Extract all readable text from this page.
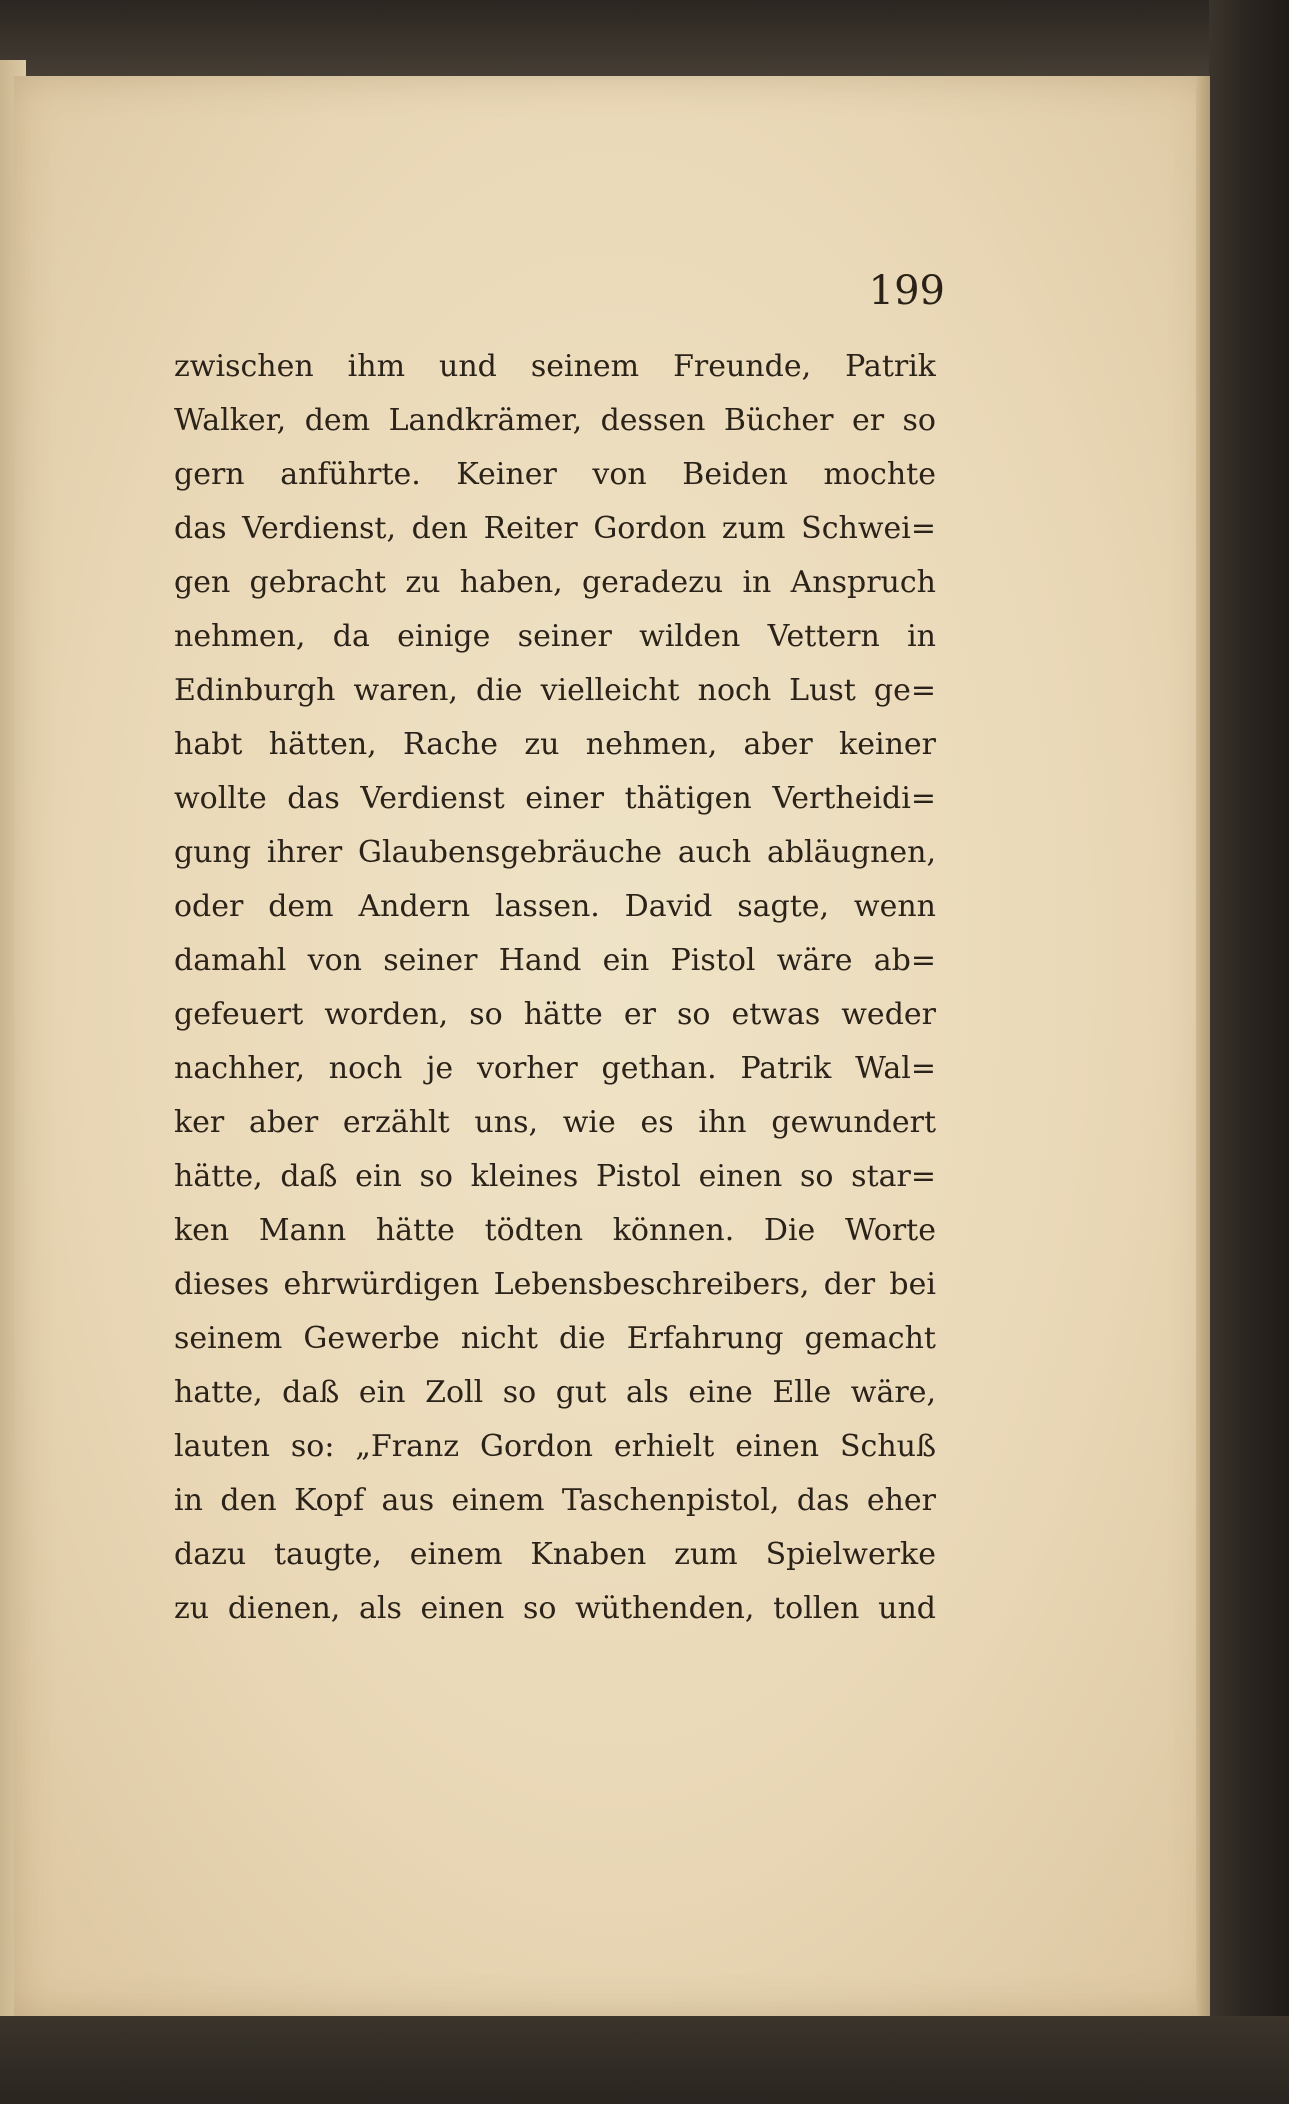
199

zwischen ihm und seinem Freunde, Patrik
Walker, dem Landkrämer, dessen Bücher er so
gern anführte. Keiner von Beiden mochte
das Verdienst, den Reiter Gordon zum Schwei=
gen gebracht zu haben, geradezu in Anspruch
nehmen, da einige seiner wilden Vettern in
Edinburgh waren, die vielleicht noch Lust ge=
habt hätten, Rache zu nehmen, aber keiner
wollte das Verdienst einer thätigen Vertheidi=
gung ihrer Glaubensgebräuche auch abläugnen,
oder dem Andern lassen. David sagte, wenn
damahl von seiner Hand ein Pistol wäre ab=
gefeuert worden, so hätte er so etwas weder
nachher, noch je vorher gethan. Patrik Wal=
ker aber erzählt uns, wie es ihn gewundert
hätte, daß ein so kleines Pistol einen so star=
ken Mann hätte tödten können. Die Worte
dieses ehrwürdigen Lebensbeschreibers, der bei
seinem Gewerbe nicht die Erfahrung gemacht
hatte, daß ein Zoll so gut als eine Elle wäre,
lauten so: „Franz Gordon erhielt einen Schuß
in den Kopf aus einem Taschenpistol, das eher
dazu taugte, einem Knaben zum Spielwerke
zu dienen, als einen so wüthenden, tollen und
